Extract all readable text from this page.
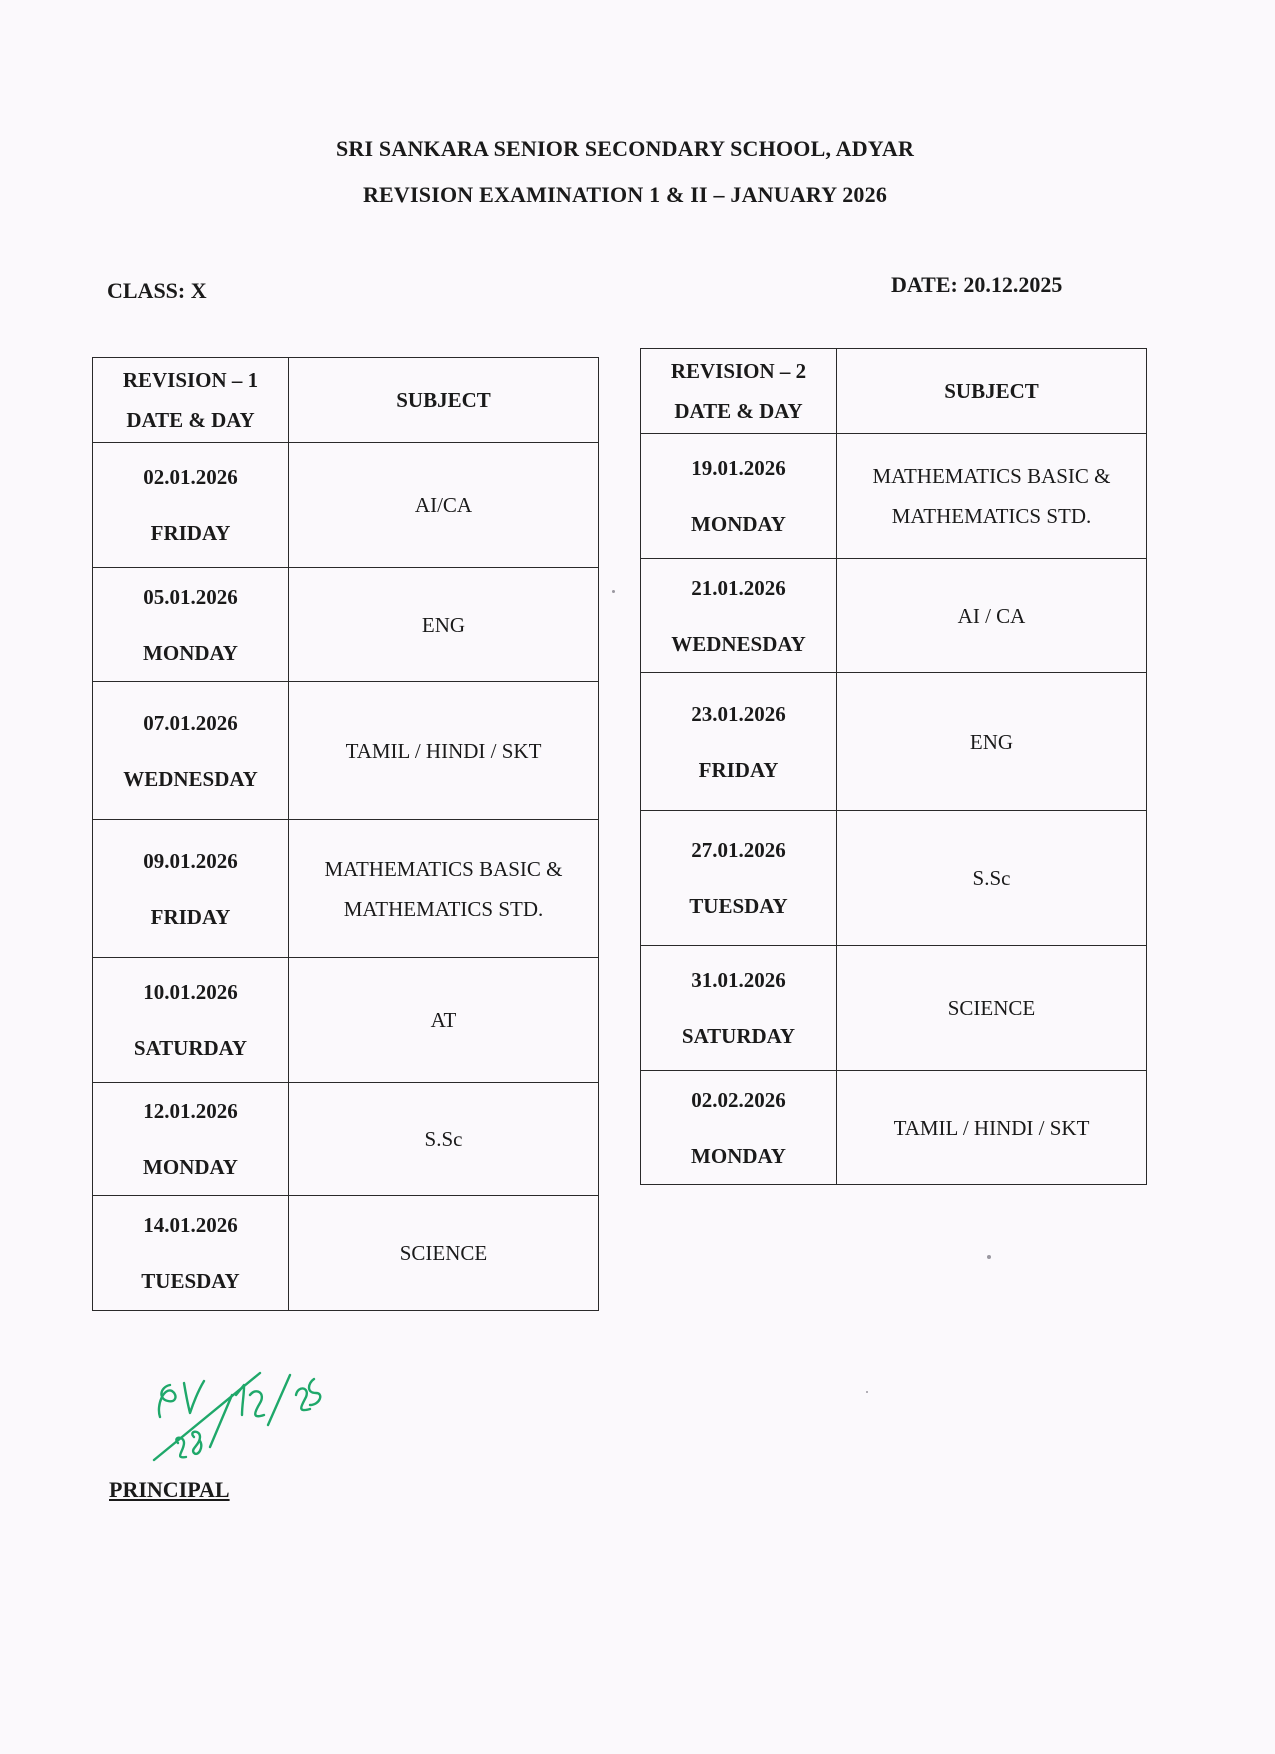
SRI SANKARA SENIOR SECONDARY SCHOOL, ADYAR
REVISION EXAMINATION 1 & II – JANUARY 2026
CLASS: X	DATE: 20.12.2025
REVISION – 1
DATE & DAY	SUBJECT

02.01.2026
FRIDAY	AI/CA

05.01.2026
MONDAY	ENG

07.01.2026
WEDNESDAY	TAMIL / HINDI / SKT

09.01.2026
FRIDAY	MATHEMATICS BASIC &
MATHEMATICS STD.

10.01.2026
SATURDAY	AT

12.01.2026
MONDAY	S.Sc

14.01.2026
TUESDAY	SCIENCE
REVISION – 2
DATE & DAY	SUBJECT

19.01.2026
MONDAY	MATHEMATICS BASIC &
MATHEMATICS STD.

21.01.2026
WEDNESDAY	AI / CA

23.01.2026
FRIDAY	ENG

27.01.2026
TUESDAY	S.Sc

31.01.2026
SATURDAY	SCIENCE

02.02.2026
MONDAY	TAMIL / HINDI / SKT
PRINCIPAL
